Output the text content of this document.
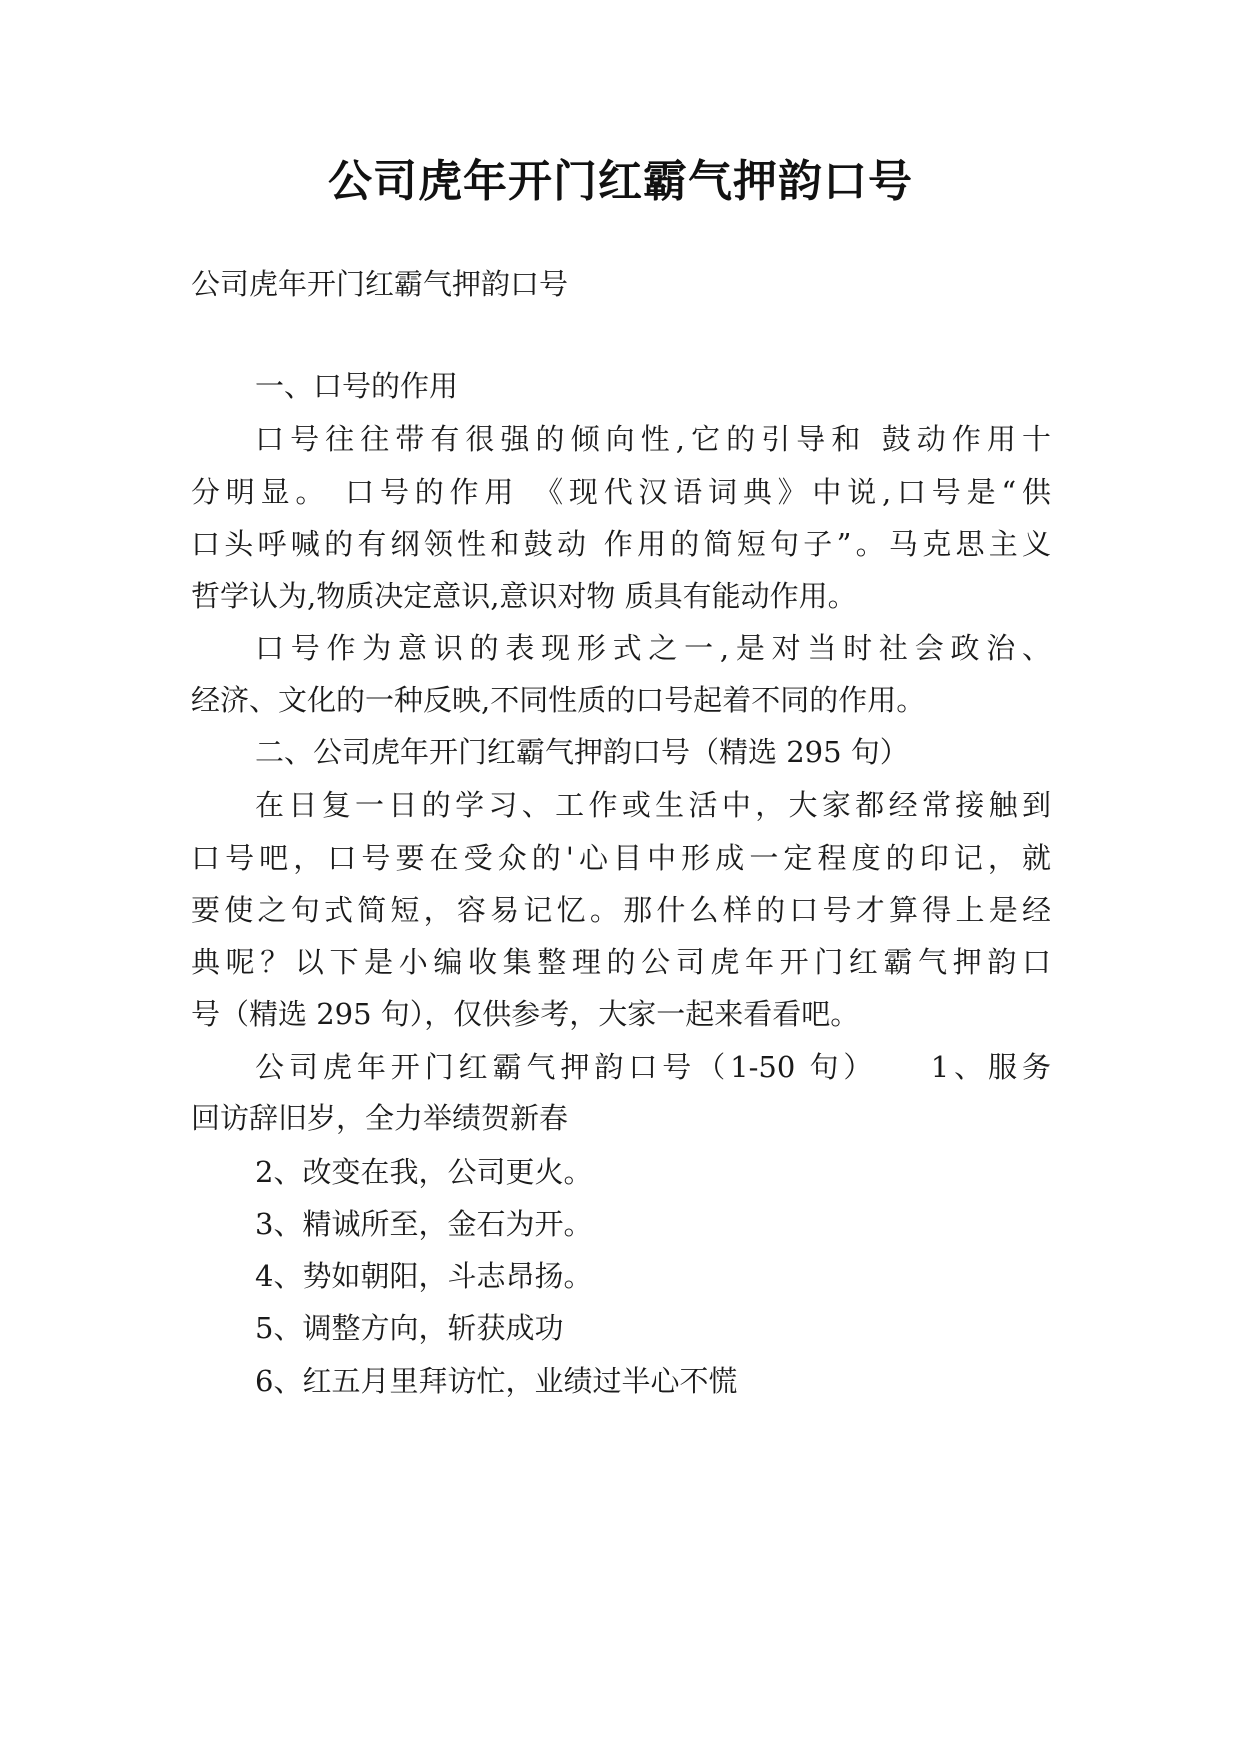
公司虎年开门红霸气押韵口号
公司虎年开门红霸气押韵口号
一、口号的作用
口号往往带有很强的倾向性,它的引导和 鼓动作用十
分明显。 口号的作用 《现代汉语词典》中说,口号是“供
口头呼喊的有纲领性和鼓动 作用的简短句子”。马克思主义
哲学认为,物质决定意识,意识对物 质具有能动作用。
口号作为意识的表现形式之一,是对当时社会政治、
经济、文化的一种反映,不同性质的口号起着不同的作用。
二、公司虎年开门红霸气押韵口号（精选 295 句）
在日复一日的学习、工作或生活中，大家都经常接触到
口号吧，口号要在受众的'心目中形成一定程度的印记，就
要使之句式简短，容易记忆。那什么样的口号才算得上是经
典呢？以下是小编收集整理的公司虎年开门红霸气押韵口
号（精选 295 句），仅供参考，大家一起来看看吧。
公司虎年开门红霸气押韵口号（1-50 句）　　1、服务
回访辞旧岁，全力举绩贺新春
2、改变在我，公司更火。
3、精诚所至，金石为开。
4、势如朝阳，斗志昂扬。
5、调整方向，斩获成功
6、红五月里拜访忙，业绩过半心不慌
